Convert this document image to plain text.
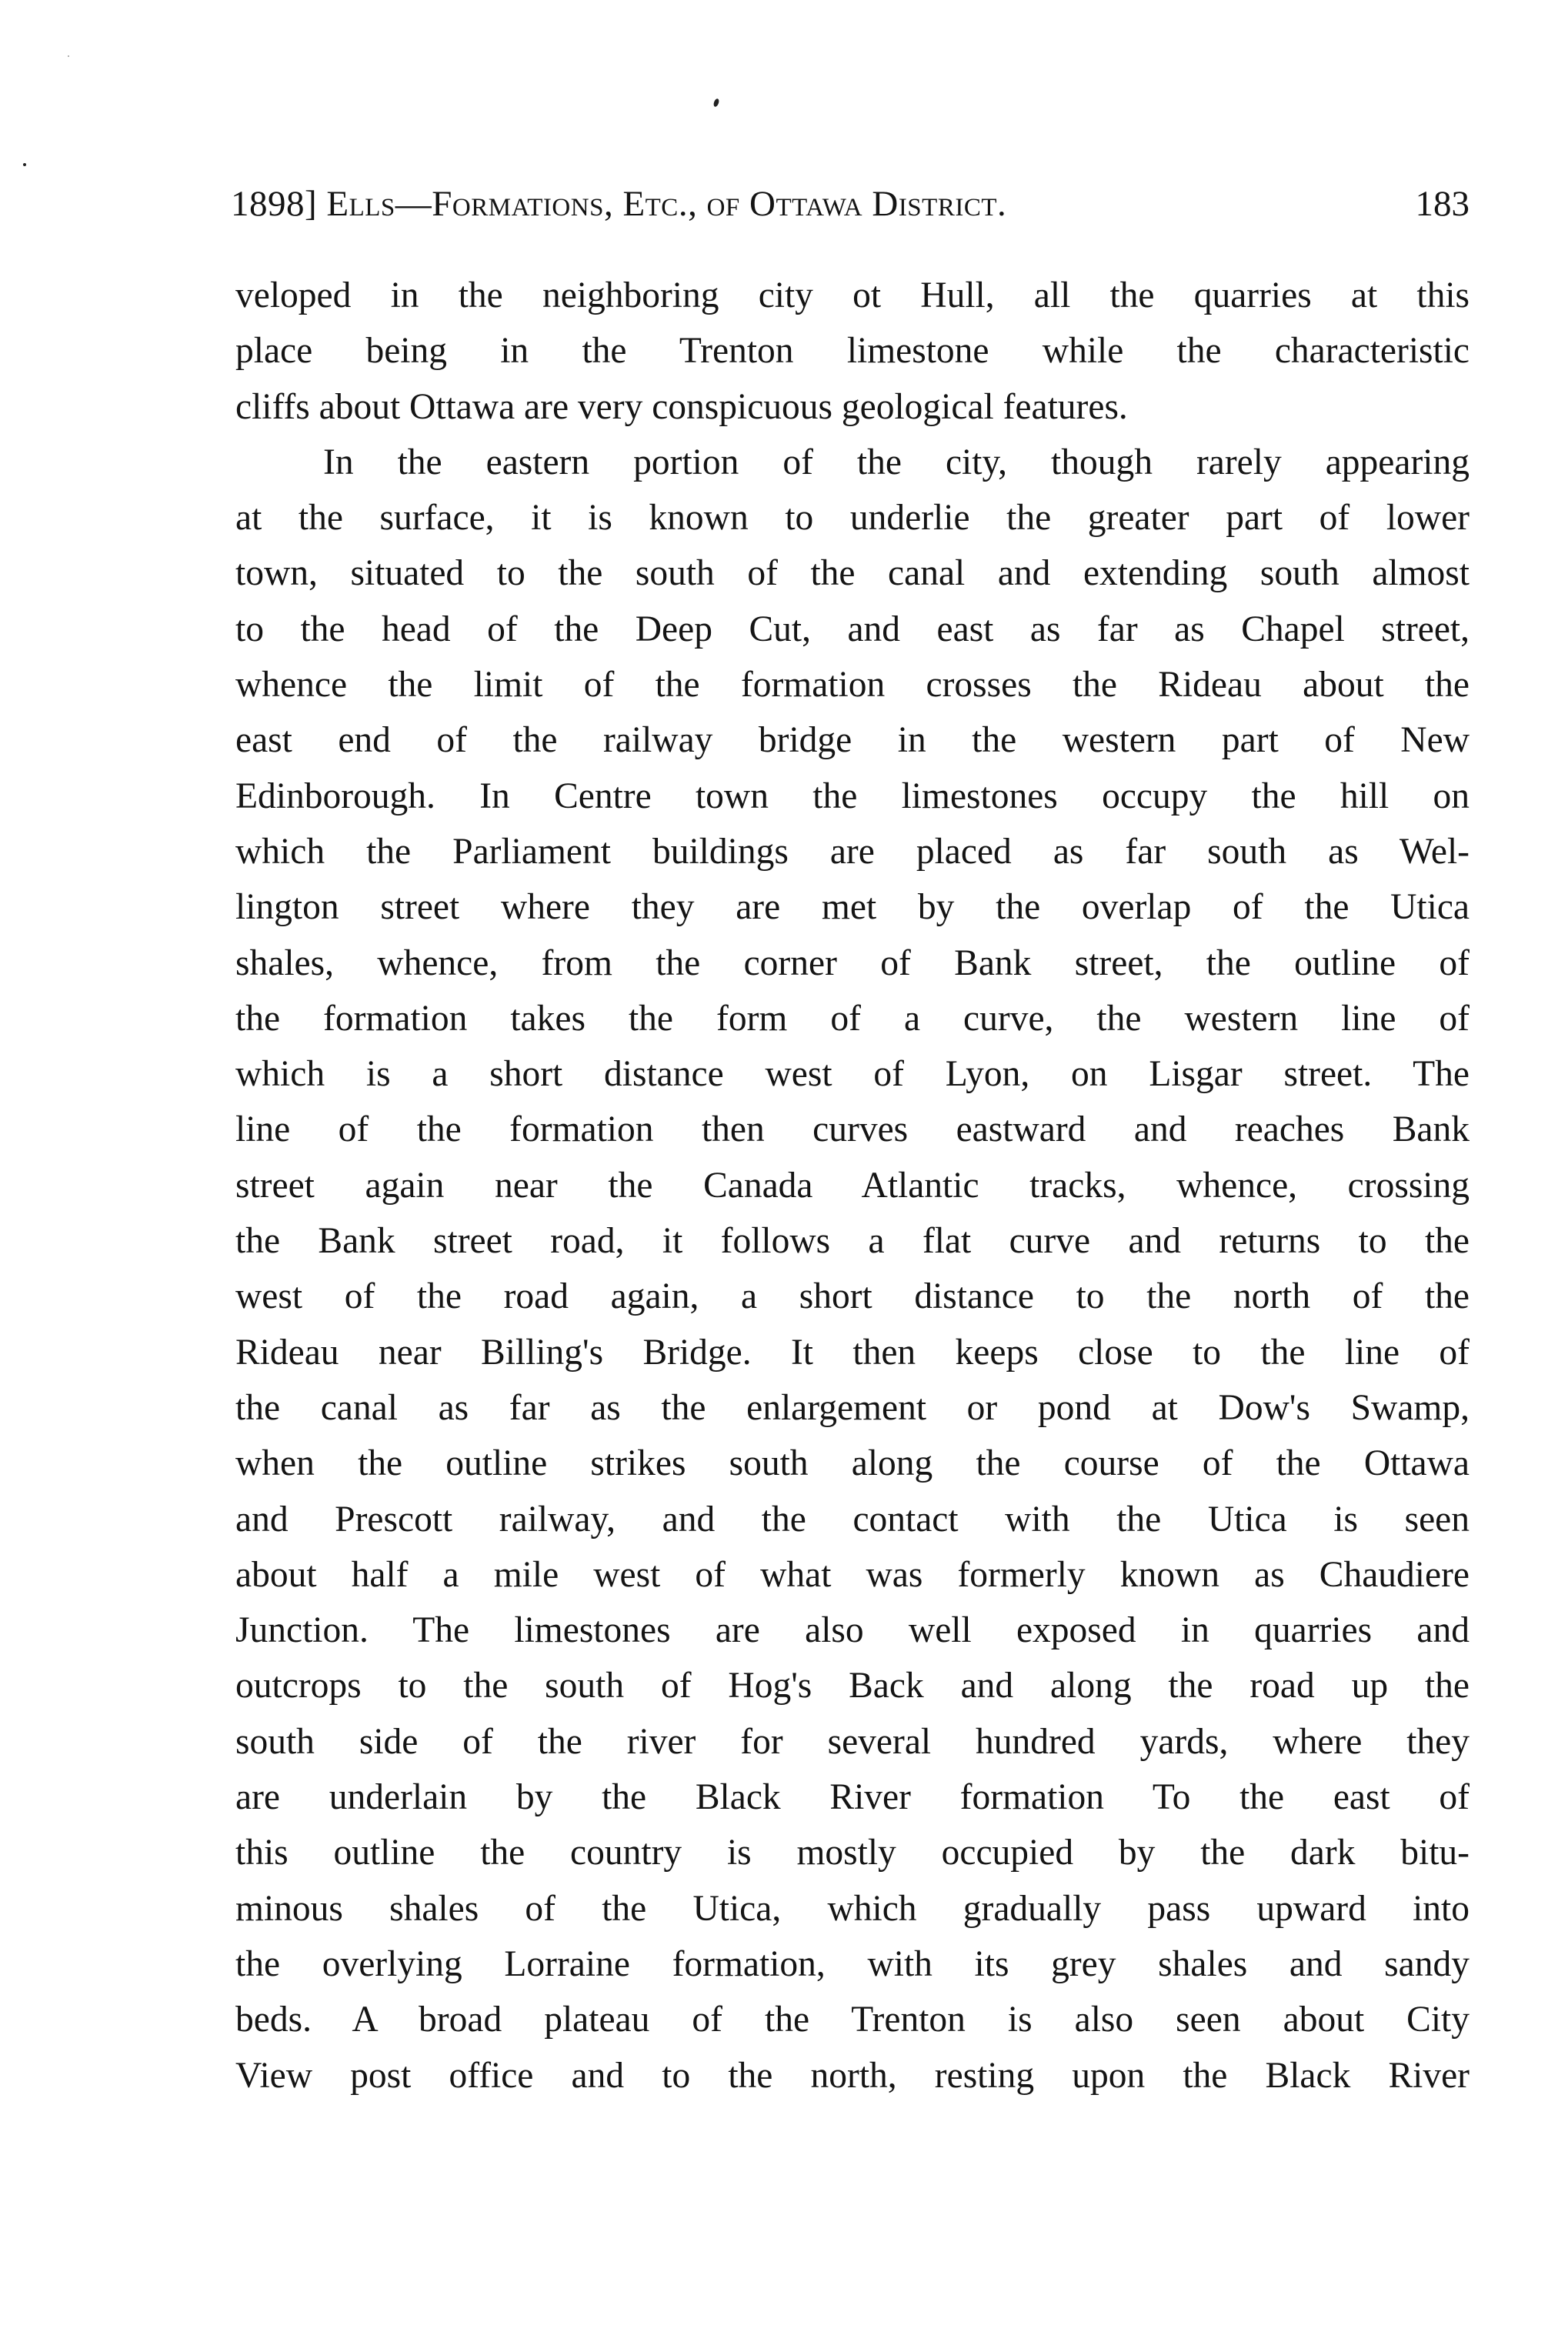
1898] Ells—Formations, Etc., of Ottawa District.	183
veloped in the neighboring city ot Hull, all the quarries at this
place being in the Trenton limestone while the characteristic
cliffs about Ottawa are very conspicuous geological features.
In the eastern portion of the city, though rarely appearing
at the surface, it is known to underlie the greater part of lower
town, situated to the south of the canal and extending south almost
to the head of the Deep Cut, and east as far as Chapel street,
whence the limit of the formation crosses the Rideau about the
east end of the railway bridge in the western part of New
Edinborough. In Centre town the limestones occupy the hill on
which the Parliament buildings are placed as far south as Wel-
lington street where they are met by the overlap of the Utica
shales, whence, from the corner of Bank street, the outline of
the formation takes the form of a curve, the western line of
which is a short distance west of Lyon, on Lisgar street. The
line of the formation then curves eastward and reaches Bank
street again near the Canada Atlantic tracks, whence, crossing
the Bank street road, it follows a flat curve and returns to the
west of the road again, a short distance to the north of the
Rideau near Billing's Bridge. It then keeps close to the line of
the canal as far as the enlargement or pond at Dow's Swamp,
when the outline strikes south along the course of the Ottawa
and Prescott railway, and the contact with the Utica is seen
about half a mile west of what was formerly known as Chaudiere
Junction. The limestones are also well exposed in quarries and
outcrops to the south of Hog's Back and along the road up the
south side of the river for several hundred yards, where they
are underlain by the Black River formation To the east of
this outline the country is mostly occupied by the dark bitu-
minous shales of the Utica, which gradually pass upward into
the overlying Lorraine formation, with its grey shales and sandy
beds. A broad plateau of the Trenton is also seen about City
View post office and to the north, resting upon the Black River
